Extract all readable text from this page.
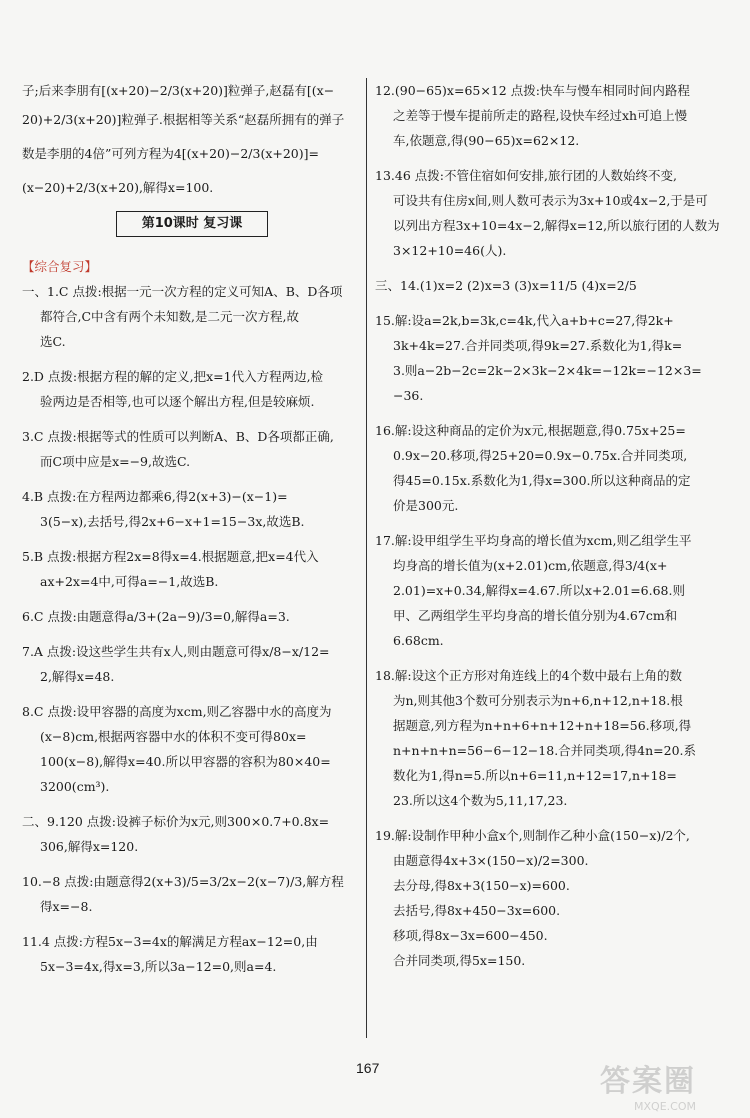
子;后来李朋有[(x+20)−2/3(x+20)]粒弹子,赵磊有[(x−
20)+2/3(x+20)]粒弹子.根据相等关系“赵磊所拥有的弹子
数是李朋的4倍”可列方程为4[(x+20)−2/3(x+20)]=
(x−20)+2/3(x+20),解得x=100.
第10课时 复习课
【综合复习】
一、1.C 点拨:根据一元一次方程的定义可知A、B、D各项
都符合,C中含有两个未知数,是二元一次方程,故
选C.
2.D 点拨:根据方程的解的定义,把x=1代入方程两边,检
验两边是否相等,也可以逐个解出方程,但是较麻烦.
3.C 点拨:根据等式的性质可以判断A、B、D各项都正确,
而C项中应是x=−9,故选C.
4.B 点拨:在方程两边都乘6,得2(x+3)−(x−1)=
3(5−x),去括号,得2x+6−x+1=15−3x,故选B.
5.B 点拨:根据方程2x=8得x=4.根据题意,把x=4代入
ax+2x=4中,可得a=−1,故选B.
6.C 点拨:由题意得a/3+(2a−9)/3=0,解得a=3.
7.A 点拨:设这些学生共有x人,则由题意可得x/8−x/12=
2,解得x=48.
8.C 点拨:设甲容器的高度为xcm,则乙容器中水的高度为
(x−8)cm,根据两容器中水的体积不变可得80x=
100(x−8),解得x=40.所以甲容器的容积为80×40=
3200(cm³).
二、9.120 点拨:设裤子标价为x元,则300×0.7+0.8x=
306,解得x=120.
10.−8 点拨:由题意得2(x+3)/5=3/2x−2(x−7)/3,解方程
得x=−8.
11.4 点拨:方程5x−3=4x的解满足方程ax−12=0,由
5x−3=4x,得x=3,所以3a−12=0,则a=4.
12.(90−65)x=65×12 点拨:快车与慢车相同时间内路程
之差等于慢车提前所走的路程,设快车经过xh可追上慢
车,依题意,得(90−65)x=62×12.
13.46 点拨:不管住宿如何安排,旅行团的人数始终不变,
可设共有住房x间,则人数可表示为3x+10或4x−2,于是可
以列出方程3x+10=4x−2,解得x=12,所以旅行团的人数为
3×12+10=46(人).
三、14.(1)x=2 (2)x=3 (3)x=11/5 (4)x=2/5
15.解:设a=2k,b=3k,c=4k,代入a+b+c=27,得2k+
3k+4k=27.合并同类项,得9k=27.系数化为1,得k=
3.则a−2b−2c=2k−2×3k−2×4k=−12k=−12×3=
−36.
16.解:设这种商品的定价为x元,根据题意,得0.75x+25=
0.9x−20.移项,得25+20=0.9x−0.75x.合并同类项,
得45=0.15x.系数化为1,得x=300.所以这种商品的定
价是300元.
17.解:设甲组学生平均身高的增长值为xcm,则乙组学生平
均身高的增长值为(x+2.01)cm,依题意,得3/4(x+
2.01)=x+0.34,解得x=4.67.所以x+2.01=6.68.则
甲、乙两组学生平均身高的增长值分别为4.67cm和
6.68cm.
18.解:设这个正方形对角连线上的4个数中最右上角的数
为n,则其他3个数可分别表示为n+6,n+12,n+18.根
据题意,列方程为n+n+6+n+12+n+18=56.移项,得
n+n+n+n=56−6−12−18.合并同类项,得4n=20.系
数化为1,得n=5.所以n+6=11,n+12=17,n+18=
23.所以这4个数为5,11,17,23.
19.解:设制作甲种小盒x个,则制作乙种小盒(150−x)/2个,
由题意得4x+3×(150−x)/2=300.
去分母,得8x+3(150−x)=600.
去括号,得8x+450−3x=600.
移项,得8x−3x=600−450.
合并同类项,得5x=150.
167	答案圈
MXQE.COM
